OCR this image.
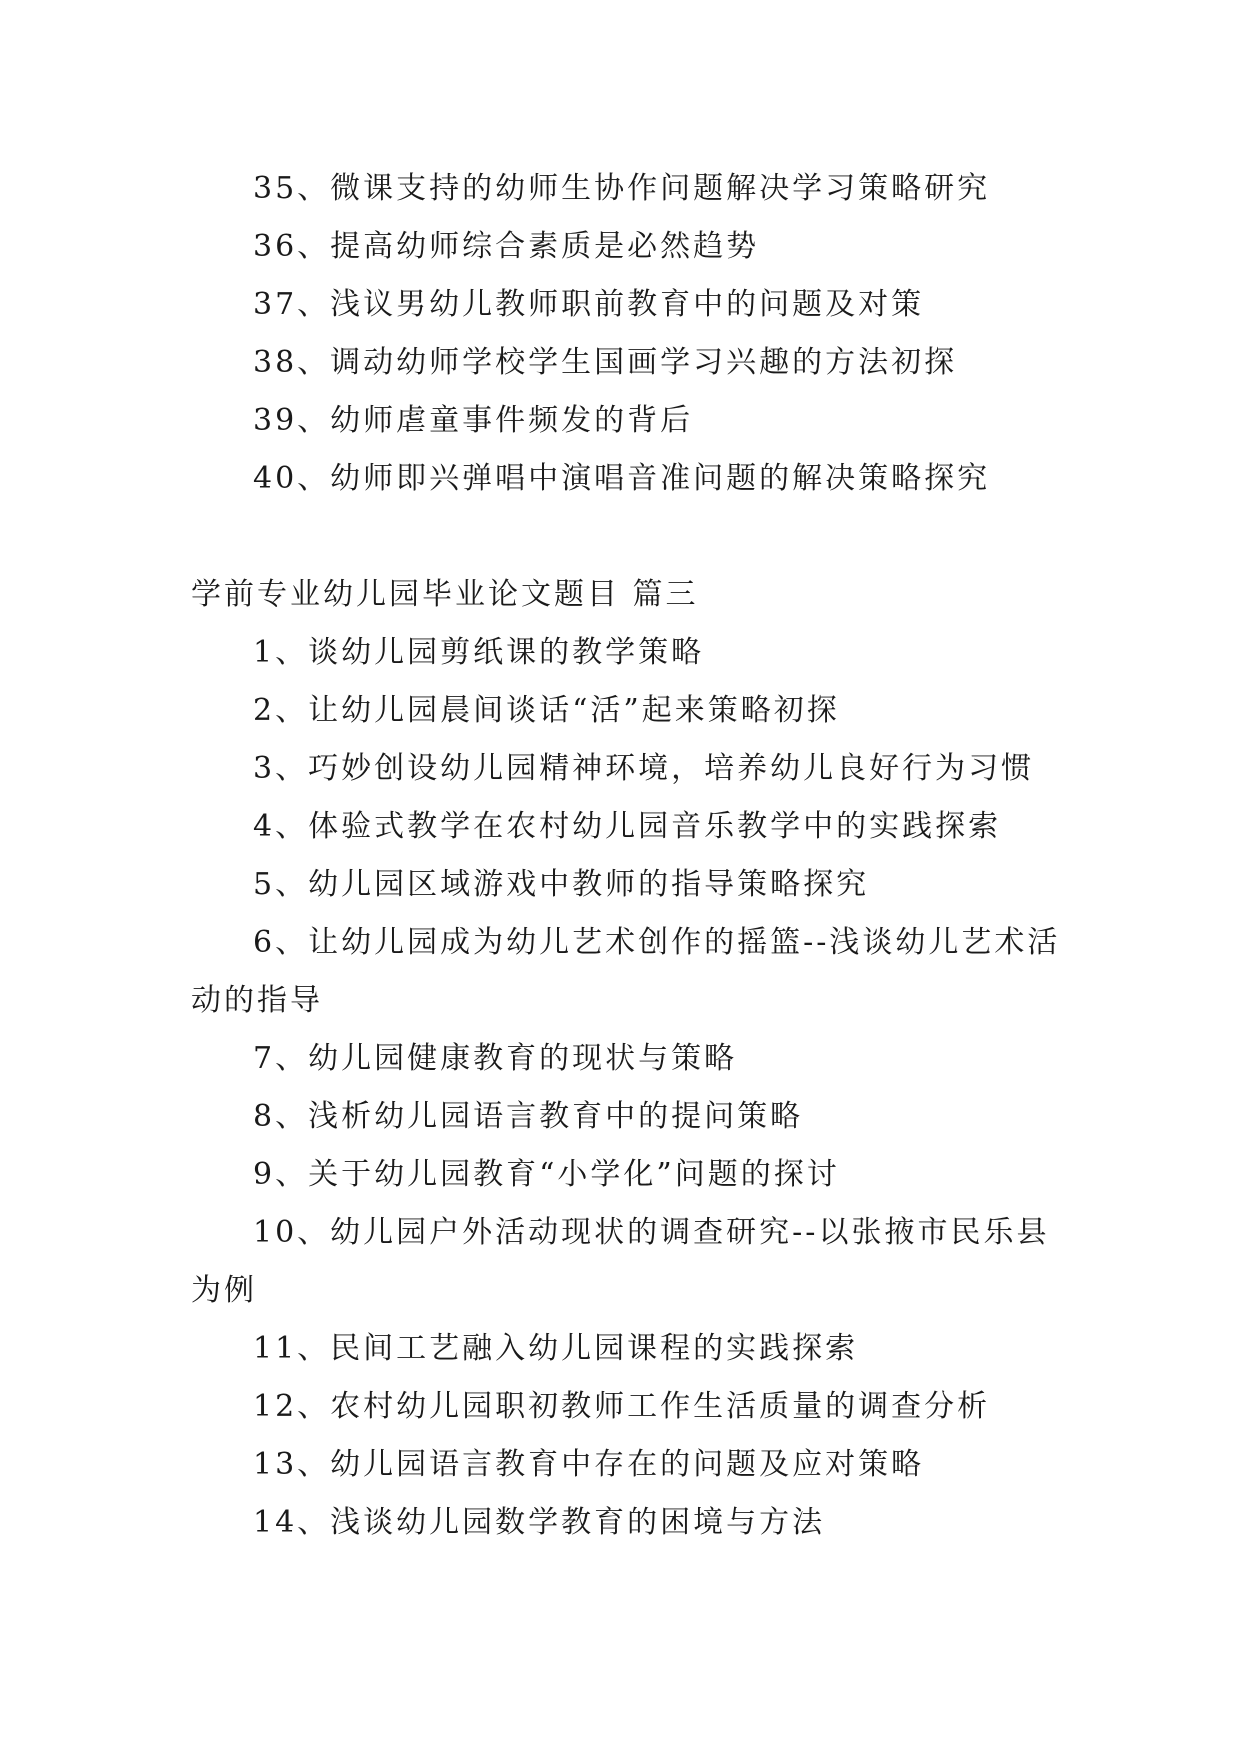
35、微课支持的幼师生协作问题解决学习策略研究

36、提高幼师综合素质是必然趋势

37、浅议男幼儿教师职前教育中的问题及对策

38、调动幼师学校学生国画学习兴趣的方法初探

39、幼师虐童事件频发的背后

40、幼师即兴弹唱中演唱音准问题的解决策略探究

学前专业幼儿园毕业论文题目 篇三

1、谈幼儿园剪纸课的教学策略

2、让幼儿园晨间谈话“活”起来策略初探

3、巧妙创设幼儿园精神环境，培养幼儿良好行为习惯

4、体验式教学在农村幼儿园音乐教学中的实践探索

5、幼儿园区域游戏中教师的指导策略探究

6、让幼儿园成为幼儿艺术创作的摇篮--浅谈幼儿艺术活动的指导

7、幼儿园健康教育的现状与策略

8、浅析幼儿园语言教育中的提问策略

9、关于幼儿园教育“小学化”问题的探讨

10、幼儿园户外活动现状的调查研究--以张掖市民乐县为例

11、民间工艺融入幼儿园课程的实践探索

12、农村幼儿园职初教师工作生活质量的调查分析

13、幼儿园语言教育中存在的问题及应对策略

14、浅谈幼儿园数学教育的困境与方法
